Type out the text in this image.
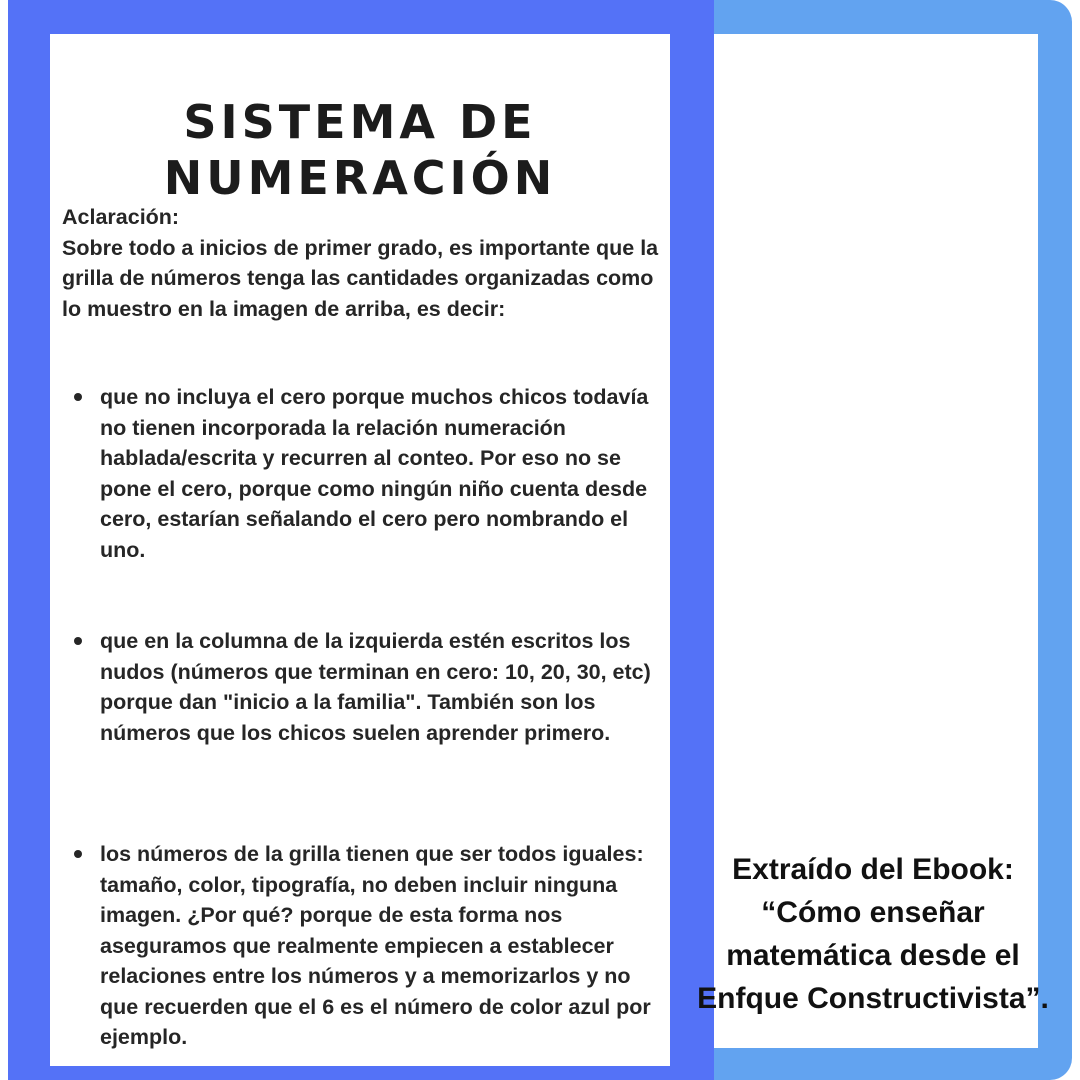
SISTEMA DE
NUMERACIÓN

Aclaración:

Sobre todo a inicios de primer grado, es importante que la grilla de números tenga las cantidades organizadas como lo muestro en la imagen de arriba, es decir:

que no incluya el cero porque muchos chicos todavía no tienen incorporada la relación numeración hablada/escrita y recurren al conteo. Por eso no se pone el cero, porque como ningún niño cuenta desde cero, estarían señalando el cero pero nombrando el uno.
que en la columna de la izquierda estén escritos los nudos (números que terminan en cero: 10, 20, 30, etc) porque dan "inicio a la familia". También son los números que los chicos suelen aprender primero.
los números de la grilla tienen que ser todos iguales: tamaño, color, tipografía, no deben incluir ninguna imagen. ¿Por qué? porque de esta forma nos aseguramos que realmente empiecen a establecer relaciones entre los números y a memorizarlos y no que recuerden que el 6 es el número de color azul por ejemplo.
Extraído del Ebook:
“Cómo enseñar
matemática desde el
Enfque Constructivista”.
